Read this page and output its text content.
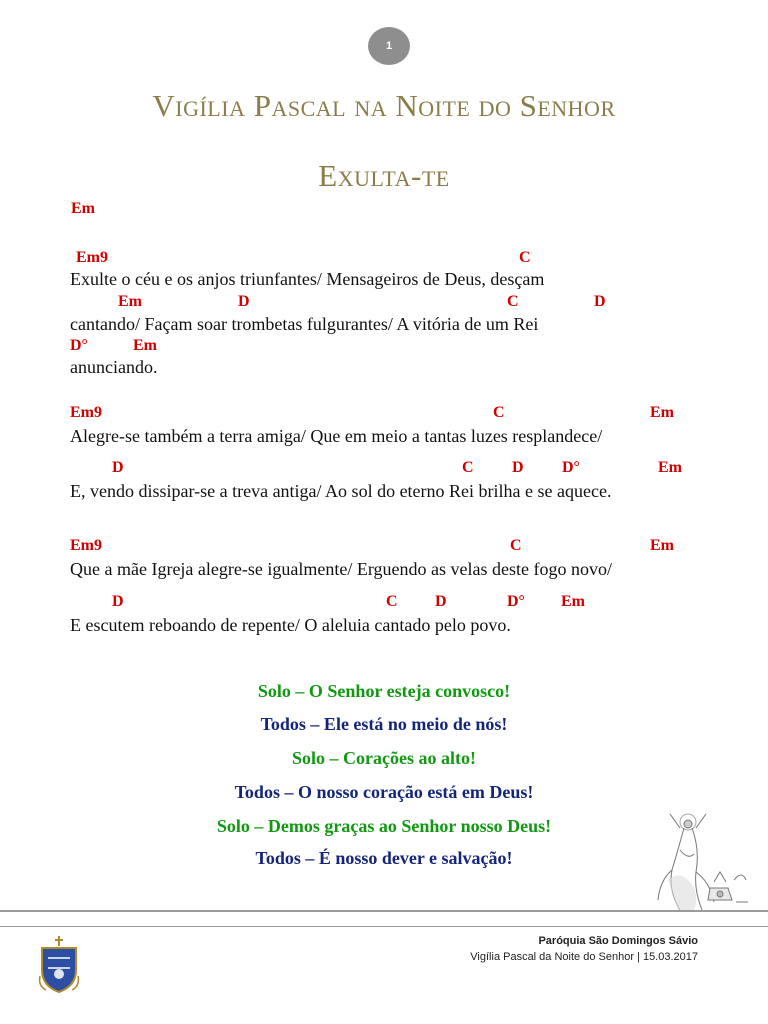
1
Vigília Pascal na Noite do Senhor
Exulta-te
Em
Em9	C
Exulte o céu e os anjos triunfantes/ Mensageiros de Deus, desçam
Em	D	C	D
cantando/ Façam soar trombetas fulgurantes/ A vitória de um Rei
D°	Em
anunciando.
Em9	C	Em
Alegre-se também a terra amiga/ Que em meio a tantas luzes resplandece/
D	C D D°	Em
E, vendo dissipar-se a treva antiga/ Ao sol do eterno Rei brilha e se aquece.
Em9	C	Em
Que a mãe Igreja alegre-se igualmente/ Erguendo as velas deste fogo novo/
D	C D	D° Em
E escutem reboando de repente/ O aleluia cantado pelo povo.
Solo – O Senhor esteja convosco!
Todos – Ele está no meio de nós!
Solo – Corações ao alto!
Todos – O nosso coração está em Deus!
Solo – Demos graças ao Senhor nosso Deus!
Todos – É nosso dever e salvação!
Paróquia São Domingos Sávio
Vigília Pascal da Noite do Senhor | 15.03.2017
